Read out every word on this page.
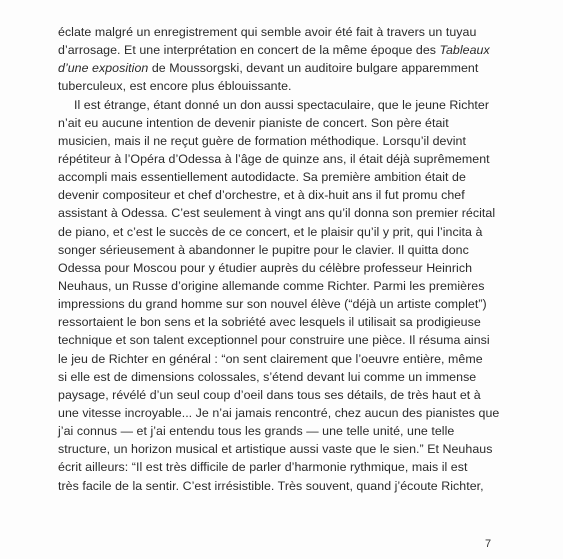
éclate malgré un enregistrement qui semble avoir été fait à travers un tuyau
d’arrosage. Et une interprétation en concert de la même époque des Tableaux
d’une exposition de Moussorgski, devant un auditoire bulgare apparemment
tuberculeux, est encore plus éblouissante.
Il est étrange, étant donné un don aussi spectaculaire, que le jeune Richter
n’ait eu aucune intention de devenir pianiste de concert. Son père était
musicien, mais il ne reçut guère de formation méthodique. Lorsqu’il devint
répétiteur à l’Opéra d’Odessa à l’âge de quinze ans, il était déjà suprêmement
accompli mais essentiellement autodidacte. Sa première ambition était de
devenir compositeur et chef d’orchestre, et à dix-huit ans il fut promu chef
assistant à Odessa. C’est seulement à vingt ans qu’il donna son premier récital
de piano, et c’est le succès de ce concert, et le plaisir qu’il y prit, qui l’incita à
songer sérieusement à abandonner le pupitre pour le clavier. Il quitta donc
Odessa pour Moscou pour y étudier auprès du célèbre professeur Heinrich
Neuhaus, un Russe d’origine allemande comme Richter. Parmi les premières
impressions du grand homme sur son nouvel élève (“déjà un artiste complet”)
ressortaient le bon sens et la sobriété avec lesquels il utilisait sa prodigieuse
technique et son talent exceptionnel pour construire une pièce. Il résuma ainsi
le jeu de Richter en général : “on sent clairement que l’oeuvre entière, même
si elle est de dimensions colossales, s’étend devant lui comme un immense
paysage, révélé d’un seul coup d’oeil dans tous ses détails, de très haut et à
une vitesse incroyable... Je n’ai jamais rencontré, chez aucun des pianistes que
j’ai connus — et j’ai entendu tous les grands — une telle unité, une telle
structure, un horizon musical et artistique aussi vaste que le sien.” Et Neuhaus
écrit ailleurs: “Il est très difficile de parler d’harmonie rythmique, mais il est
très facile de la sentir. C’est irrésistible. Très souvent, quand j’écoute Richter,
7
